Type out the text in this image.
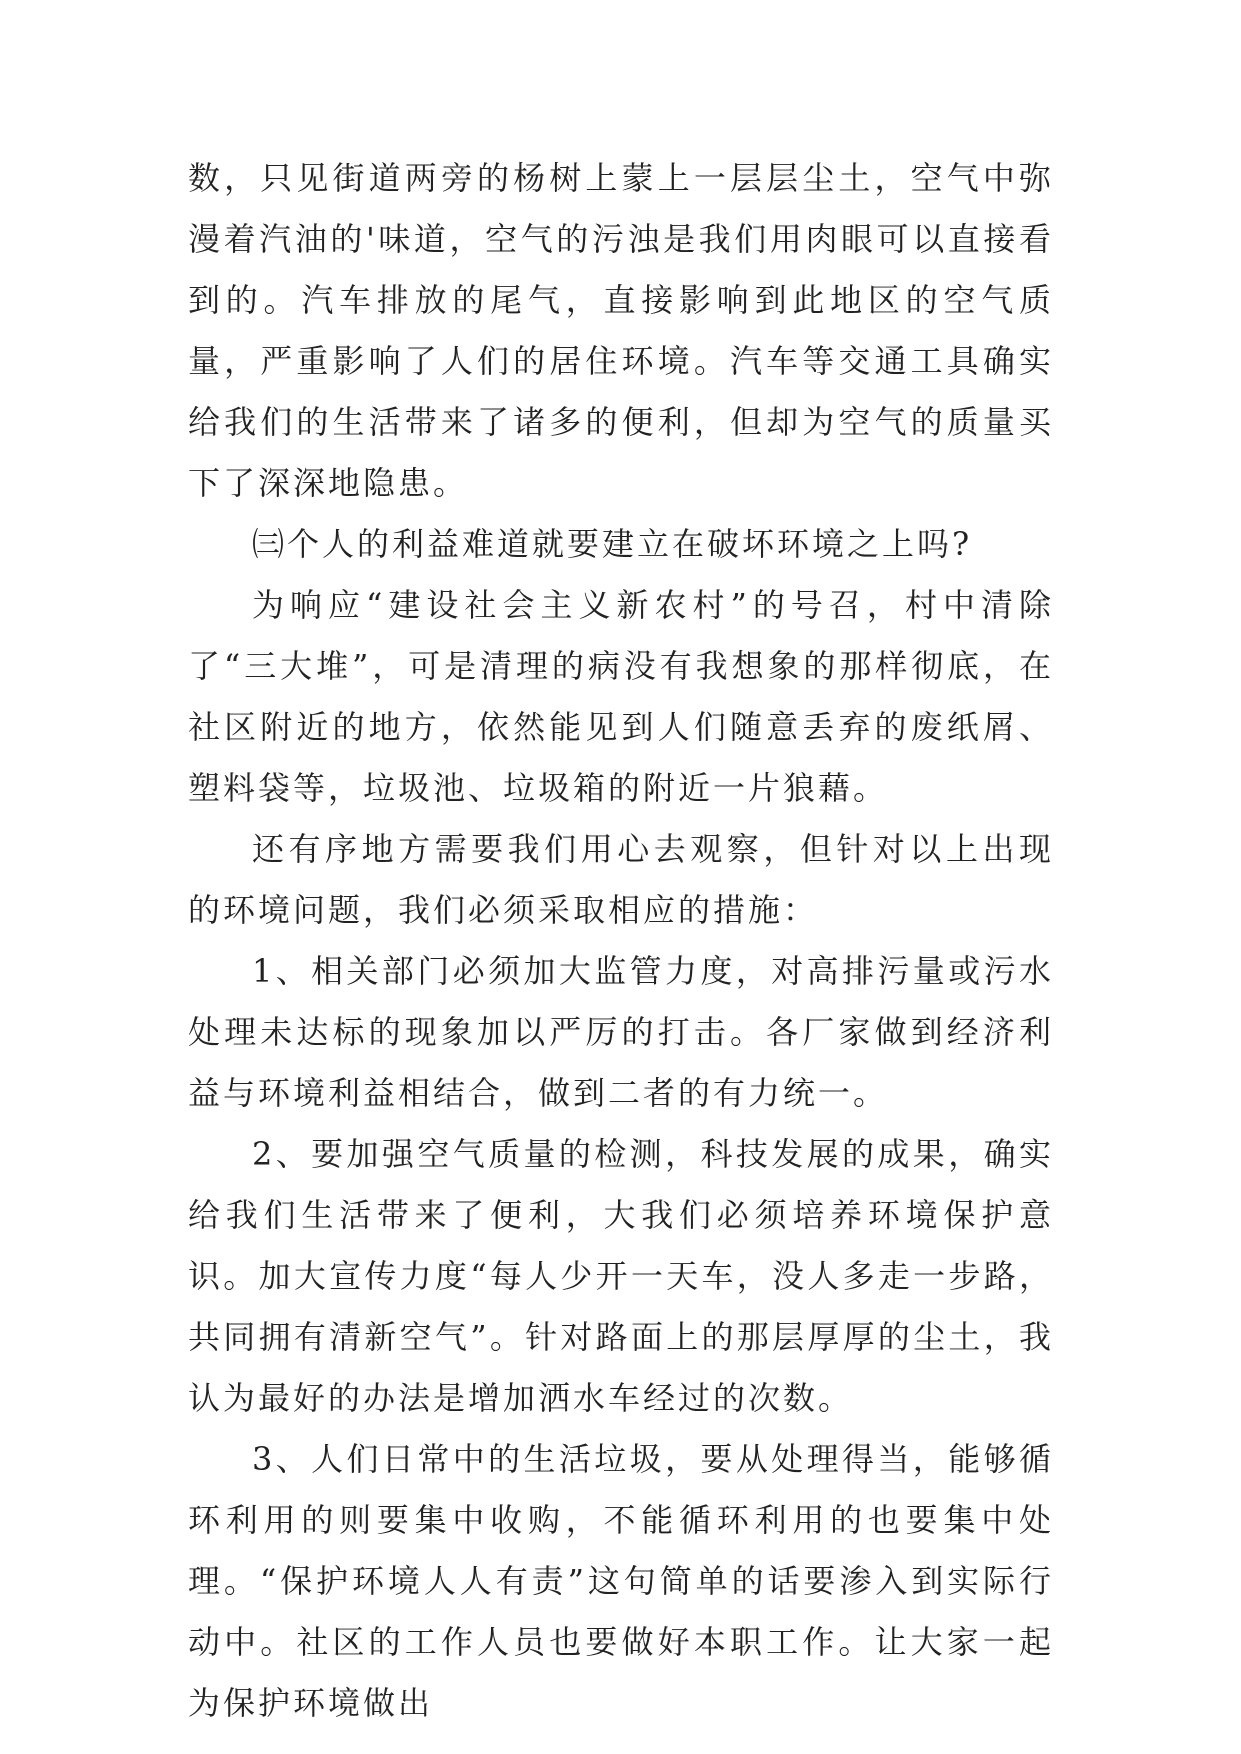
数，只见街道两旁的杨树上蒙上一层层尘土，空气中弥漫着汽油的'味道，空气的污浊是我们用肉眼可以直接看到的。汽车排放的尾气，直接影响到此地区的空气质量，严重影响了人们的居住环境。汽车等交通工具确实给我们的生活带来了诸多的便利，但却为空气的质量买下了深深地隐患。

㈢个人的利益难道就要建立在破坏环境之上吗?

为响应“建设社会主义新农村”的号召，村中清除了“三大堆”，可是清理的病没有我想象的那样彻底，在社区附近的地方，依然能见到人们随意丢弃的废纸屑、塑料袋等，垃圾池、垃圾箱的附近一片狼藉。

还有序地方需要我们用心去观察，但针对以上出现的环境问题，我们必须采取相应的措施：

1、相关部门必须加大监管力度，对高排污量或污水处理未达标的现象加以严厉的打击。各厂家做到经济利益与环境利益相结合，做到二者的有力统一。

2、要加强空气质量的检测，科技发展的成果，确实给我们生活带来了便利，大我们必须培养环境保护意识。加大宣传力度“每人少开一天车，没人多走一步路，共同拥有清新空气”。针对路面上的那层厚厚的尘土，我认为最好的办法是增加洒水车经过的次数。

3、人们日常中的生活垃圾，要从处理得当，能够循环利用的则要集中收购，不能循环利用的也要集中处理。“保护环境人人有责”这句简单的话要渗入到实际行动中。社区的工作人员也要做好本职工作。让大家一起为保护环境做出
